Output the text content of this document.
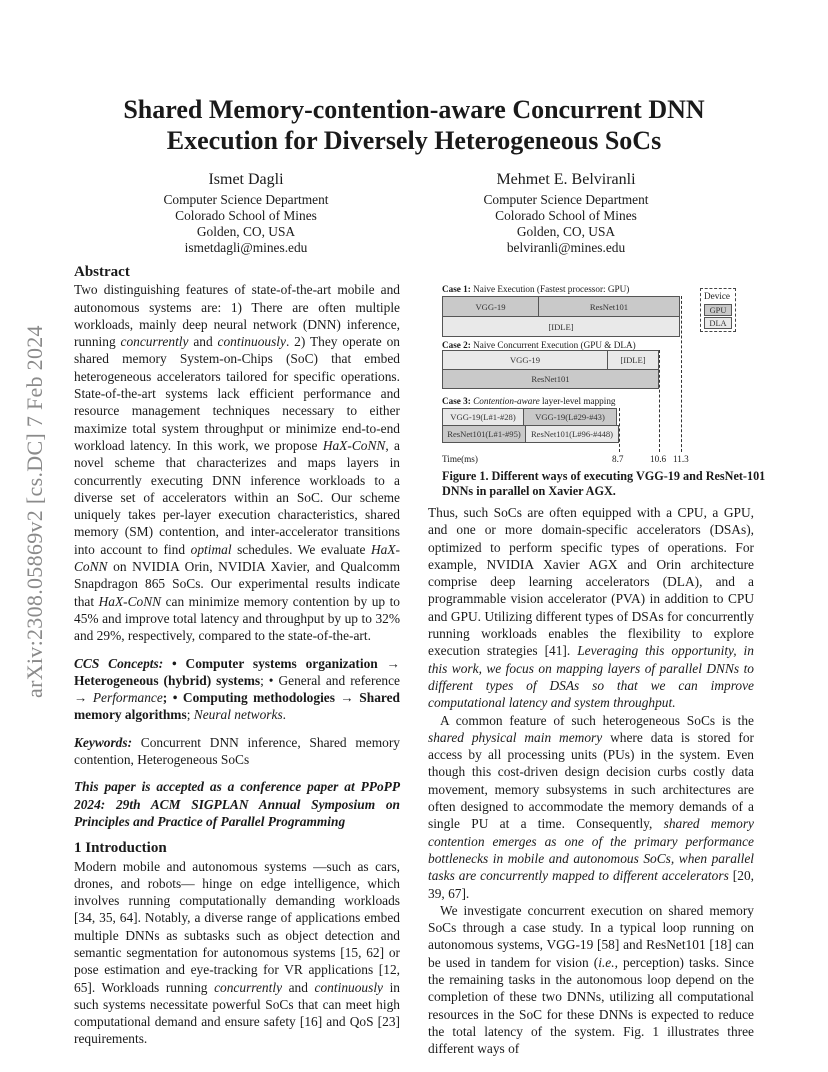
arXiv:2308.05869v2 [cs.DC] 7 Feb 2024
Shared Memory-contention-aware Concurrent DNN
Execution for Diversely Heterogeneous SoCs
Ismet Dagli
Computer Science Department
Colorado School of Mines
Golden, CO, USA
ismetdagli@mines.edu
Mehmet E. Belviranli
Computer Science Department
Colorado School of Mines
Golden, CO, USA
belviranli@mines.edu

Abstract

Two distinguishing features of state-of-the-art mobile and autonomous systems are: 1) There are often multiple workloads, mainly deep neural network (DNN) inference, running concurrently and continuously. 2) They operate on shared memory System-on-Chips (SoC) that embed heterogeneous accelerators tailored for specific operations. State-of-the-art systems lack efficient performance and resource management techniques necessary to either maximize total system throughput or minimize end-to-end workload latency. In this work, we propose HaX-CoNN, a novel scheme that characterizes and maps layers in concurrently executing DNN inference workloads to a diverse set of accelerators within an SoC. Our scheme uniquely takes per-layer execution characteristics, shared memory (SM) contention, and inter-accelerator transitions into account to find optimal schedules. We evaluate HaX-CoNN on NVIDIA Orin, NVIDIA Xavier, and Qualcomm Snapdragon 865 SoCs. Our experimental results indicate that HaX-CoNN can minimize memory contention by up to 45% and improve total latency and throughput by up to 32% and 29%, respectively, compared to the state-of-the-art.

CCS Concepts: • Computer systems organization → Heterogeneous (hybrid) systems; • General and reference → Performance; • Computing methodologies → Shared memory algorithms; Neural networks.

Keywords: Concurrent DNN inference, Shared memory contention, Heterogeneous SoCs

This paper is accepted as a conference paper at PPoPP 2024: 29th ACM SIGPLAN Annual Symposium on Principles and Practice of Parallel Programming

1 Introduction

Modern mobile and autonomous systems —such as cars, drones, and robots— hinge on edge intelligence, which involves running computationally demanding workloads [34, 35, 64]. Notably, a diverse range of applications embed multiple DNNs as subtasks such as object detection and semantic segmentation for autonomous systems [15, 62] or pose estimation and eye-tracking for VR applications [12, 65]. Workloads running concurrently and continuously in such systems necessitate powerful SoCs that can meet high computational demand and ensure safety [16] and QoS [23] requirements.

Case 1: Naive Execution (Fastest processor: GPU)
VGG-19	ResNet101
[IDLE]
Case 2: Naive Concurrent Execution (GPU & DLA)
VGG-19	[IDLE]
ResNet101
Case 3: Contention-aware layer-level mapping
VGG-19(L#1-#28)	VGG-19(L#29-#43)
ResNet101(L#1-#95)	ResNet101(L#96-#448)
Time(ms)	8.7	10.6 11.3
Device
GPU
DLA
Figure 1. Different ways of executing VGG-19 and ResNet-101 DNNs in parallel on Xavier AGX.

Thus, such SoCs are often equipped with a CPU, a GPU, and one or more domain-specific accelerators (DSAs), optimized to perform specific types of operations. For example, NVIDIA Xavier AGX and Orin architecture comprise deep learning accelerators (DLA), and a programmable vision accelerator (PVA) in addition to CPU and GPU. Utilizing different types of DSAs for concurrently running workloads enables the flexibility to explore execution strategies [41]. Leveraging this opportunity, in this work, we focus on mapping layers of parallel DNNs to different types of DSAs so that we can improve computational latency and system throughput.

A common feature of such heterogeneous SoCs is the shared physical main memory where data is stored for access by all processing units (PUs) in the system. Even though this cost-driven design decision curbs costly data movement, memory subsystems in such architectures are often designed to accommodate the memory demands of a single PU at a time. Consequently, shared memory contention emerges as one of the primary performance bottlenecks in mobile and autonomous SoCs, when parallel tasks are concurrently mapped to different accelerators [20, 39, 67].

We investigate concurrent execution on shared memory SoCs through a case study. In a typical loop running on autonomous systems, VGG-19 [58] and ResNet101 [18] can be used in tandem for vision (i.e., perception) tasks. Since the remaining tasks in the autonomous loop depend on the completion of these two DNNs, utilizing all computational resources in the SoC for these DNNs is expected to reduce the total latency of the system. Fig. 1 illustrates three different ways of
